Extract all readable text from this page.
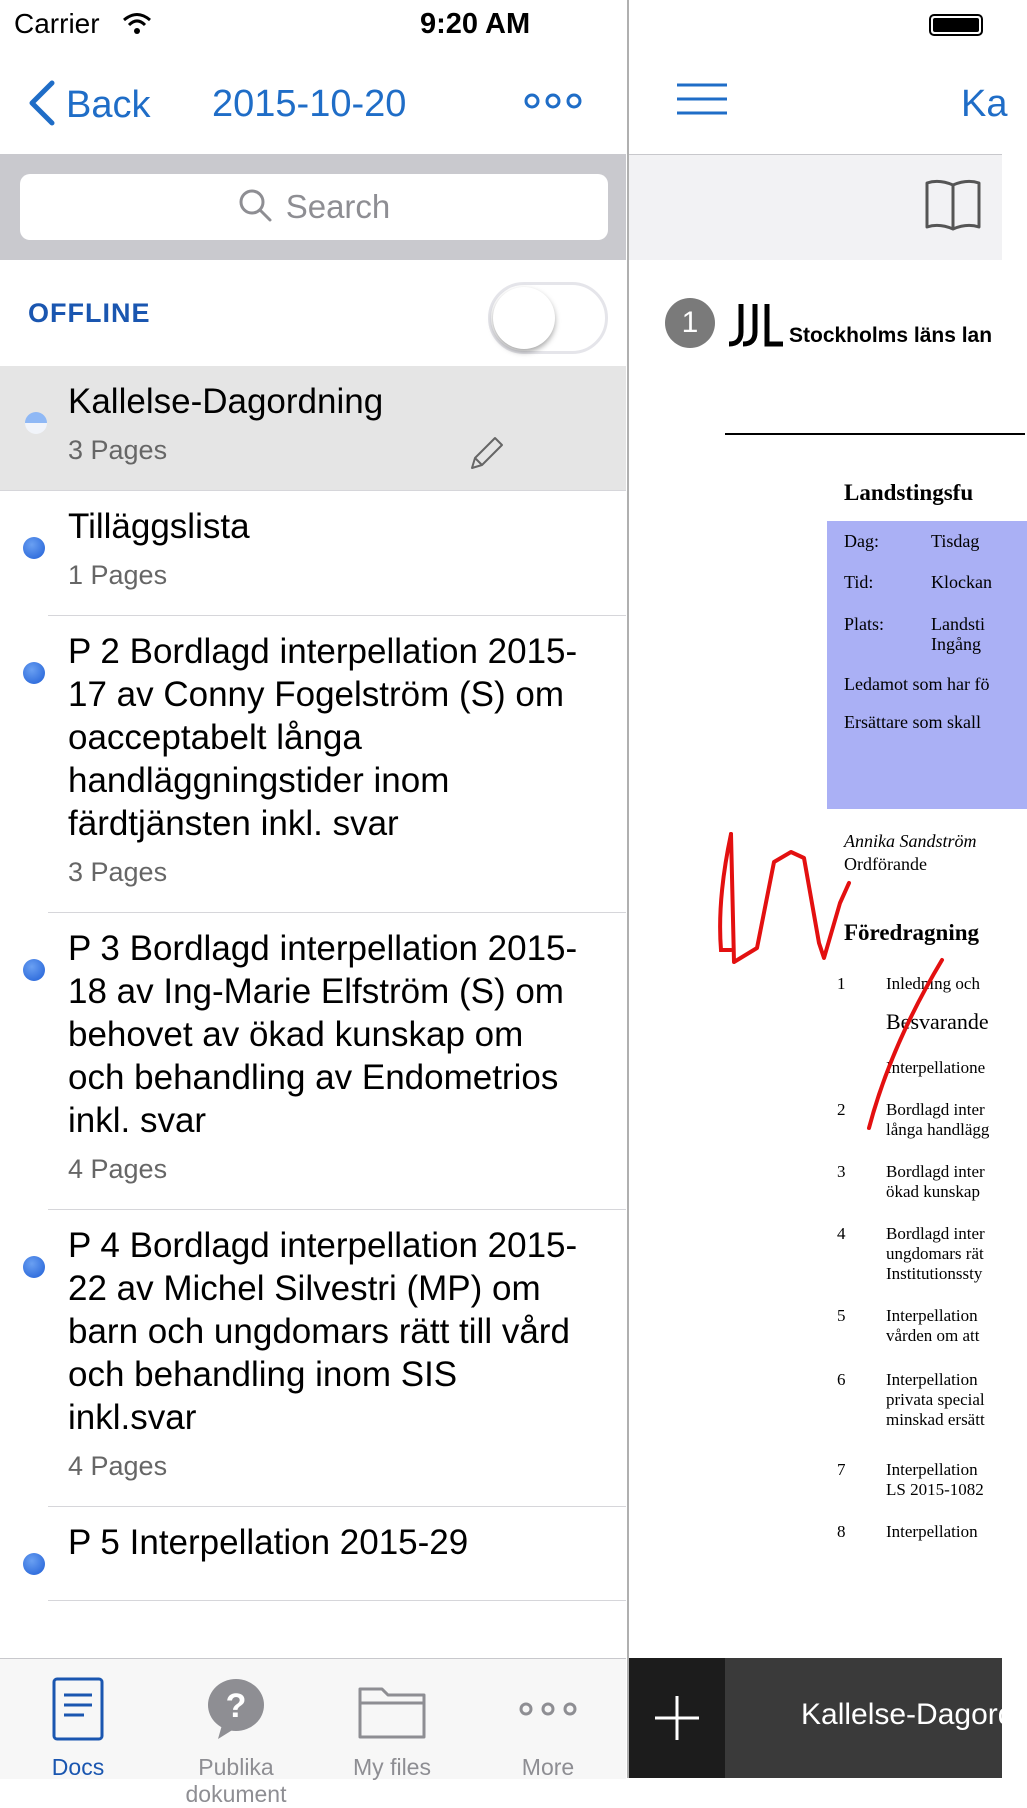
Carrier	9:20 AM
Back 2015-10-20
Search
OFFLINE
Kallelse-Dagordning
3 Pages
Tilläggslista
1 Pages
P 2 Bordlagd interpellation 2015-17 av Conny Fogelström (S) om oacceptabelt långa handläggningstider inom färdtjänsten inkl. svar
3 Pages
P 3 Bordlagd interpellation 2015-18 av Ing-Marie Elfström (S) om behovet av ökad kunskap om och behandling av Endometrios inkl. svar
4 Pages
P 4 Bordlagd interpellation 2015-22 av Michel Silvestri (MP) om barn och ungdomars rätt till vård och behandling inom SIS inkl.svar
4 Pages
P 5 Interpellation 2015-29
Docs
?
Publika dokument
My files	More
Ka
1	Stockholms läns lan
Landstingsfu
Dag:	Tisdag
Tid:	Klockan
Plats:	Landsti
Ingång
Ledamot som har fö
Ersättare som skall
Annika Sandström
Ordförande
Föredragning
1 Inledning och
Besvarande
Interpellatione
2 Bordlagd inter
långa handlägg
3 Bordlagd inter
ökad kunskap
4 Bordlagd inter
ungdomars rät
Institutionssty
5 Interpellation
vården om att
6 Interpellation
privata special
minskad ersätt
7 Interpellation
LS 2015-1082
8 Interpellation
Kallelse-Dagord
